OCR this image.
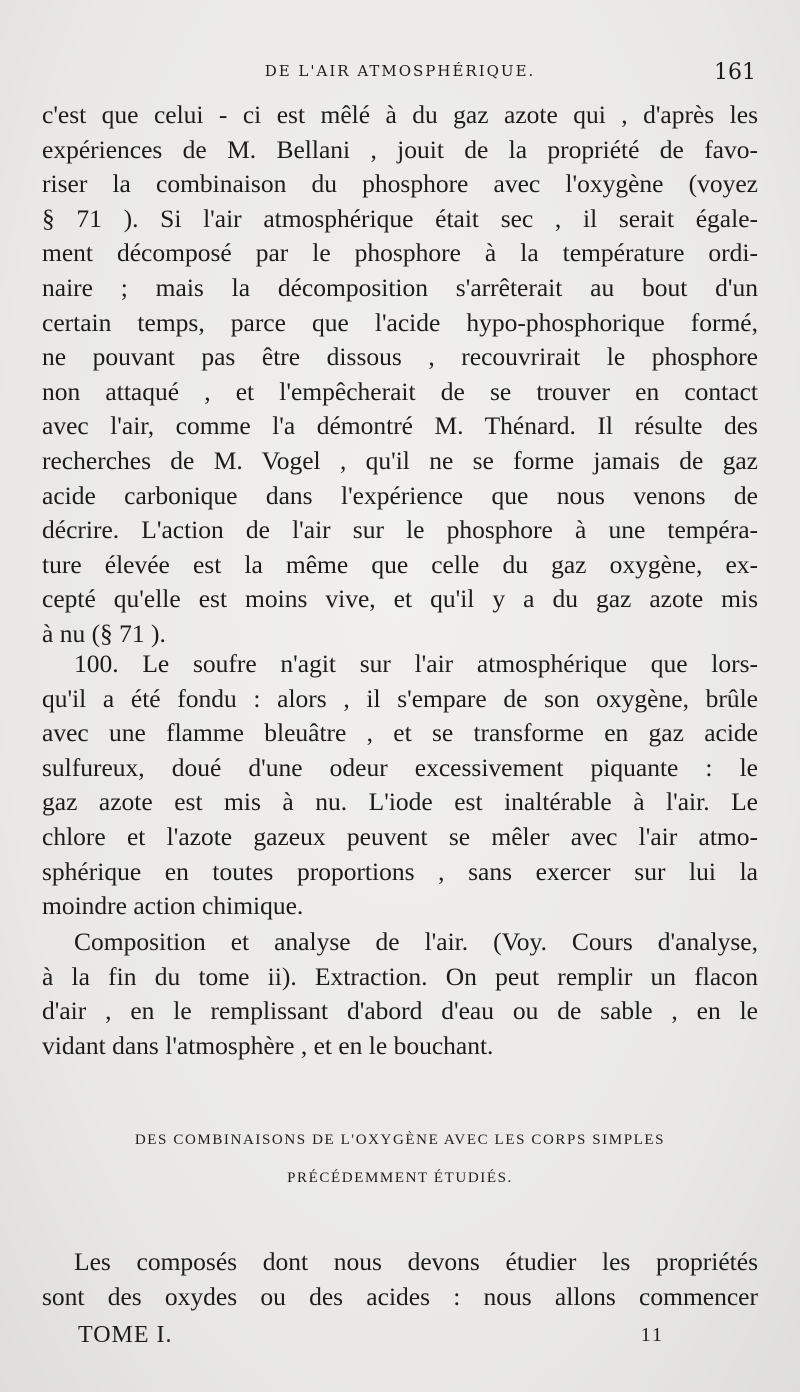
DE L'AIR ATMOSPHÉRIQUE.	161
c'est que celui - ci est mêlé à du gaz azote qui , d'après les
expériences de M. Bellani , jouit de la propriété de favo-
riser la combinaison du phosphore avec l'oxygène (voyez
§ 71 ). Si l'air atmosphérique était sec , il serait égale-
ment décomposé par le phosphore à la température ordi-
naire ; mais la décomposition s'arrêterait au bout d'un
certain temps, parce que l'acide hypo-phosphorique formé,
ne pouvant pas être dissous , recouvrirait le phosphore
non attaqué , et l'empêcherait de se trouver en contact
avec l'air, comme l'a démontré M. Thénard. Il résulte des
recherches de M. Vogel , qu'il ne se forme jamais de gaz
acide carbonique dans l'expérience que nous venons de
décrire. L'action de l'air sur le phosphore à une tempéra-
ture élevée est la même que celle du gaz oxygène, ex-
cepté qu'elle est moins vive, et qu'il y a du gaz azote mis
à nu (§ 71 ).
100. Le soufre n'agit sur l'air atmosphérique que lors-
qu'il a été fondu : alors , il s'empare de son oxygène, brûle
avec une flamme bleuâtre , et se transforme en gaz acide
sulfureux, doué d'une odeur excessivement piquante : le
gaz azote est mis à nu. L'iode est inaltérable à l'air. Le
chlore et l'azote gazeux peuvent se mêler avec l'air atmo-
sphérique en toutes proportions , sans exercer sur lui la
moindre action chimique.
Composition et analyse de l'air. (Voy. Cours d'analyse,
à la fin du tome ii). Extraction. On peut remplir un flacon
d'air , en le remplissant d'abord d'eau ou de sable , en le
vidant dans l'atmosphère , et en le bouchant.
DES COMBINAISONS DE L'OXYGÈNE AVEC LES CORPS SIMPLES
PRÉCÉDEMMENT ÉTUDIÉS.
Les composés dont nous devons étudier les propriétés
sont des oxydes ou des acides : nous allons commencer
TOME I.	11
